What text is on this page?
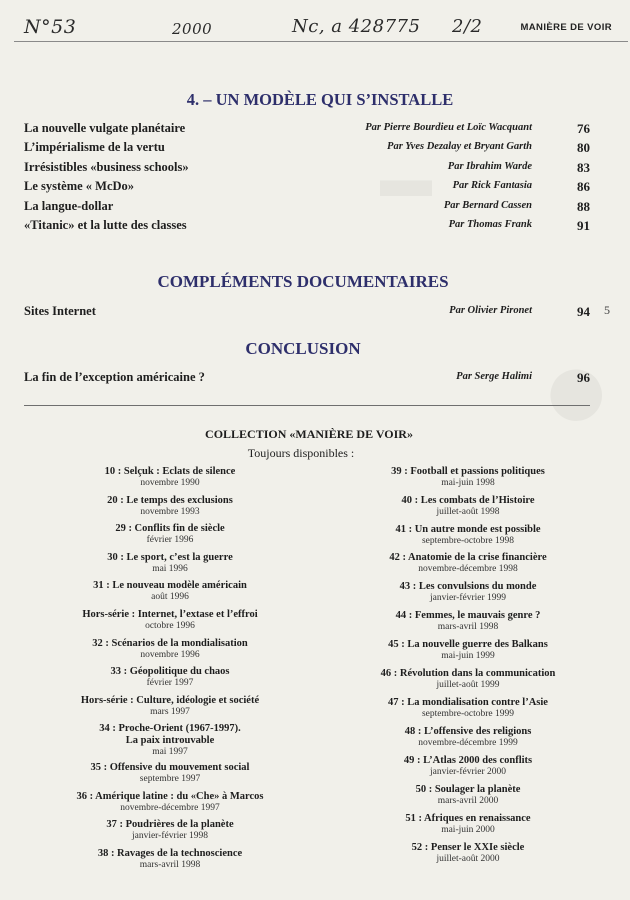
N°53	2000	Nc, a 428775 2/2	MANIÈRE DE VOIR
4. – UN MODÈLE QUI S’INSTALLE
La nouvelle vulgate planétaire	Par Pierre Bourdieu et Loïc Wacquant	76
L’impérialisme de la vertu	Par Yves Dezalay et Bryant Garth	80
Irrésistibles «business schools»	Par Ibrahim Warde	83
Le système « McDo»	Par Rick Fantasia	86
La langue-dollar	Par Bernard Cassen	88
«Titanic» et la lutte des classes	Par Thomas Frank	91
COMPLÉMENTS DOCUMENTAIRES
Sites Internet	Par Olivier Pironet	94 5
CONCLUSION
La fin de l’exception américaine ?	Par Serge Halimi	96
COLLECTION «MANIÈRE DE VOIR»
Toujours disponibles :
10 : Selçuk : Eclats de silence
novembre 1990
20 : Le temps des exclusions
novembre 1993
29 : Conflits fin de siècle
février 1996
30 : Le sport, c’est la guerre
mai 1996
31 : Le nouveau modèle américain
août 1996
Hors-série : Internet, l’extase et l’effroi
octobre 1996
32 : Scénarios de la mondialisation
novembre 1996
33 : Géopolitique du chaos
février 1997
Hors-série : Culture, idéologie et société
mars 1997
34 : Proche-Orient (1967-1997).
La paix introuvable
mai 1997
35 : Offensive du mouvement social
septembre 1997
36 : Amérique latine : du «Che» à Marcos
novembre-décembre 1997
37 : Poudrières de la planète
janvier-février 1998
38 : Ravages de la technoscience
mars-avril 1998
39 : Football et passions politiques
mai-juin 1998
40 : Les combats de l’Histoire
juillet-août 1998
41 : Un autre monde est possible
septembre-octobre 1998
42 : Anatomie de la crise financière
novembre-décembre 1998
43 : Les convulsions du monde
janvier-février 1999
44 : Femmes, le mauvais genre ?
mars-avril 1998
45 : La nouvelle guerre des Balkans
mai-juin 1999
46 : Révolution dans la communication
juillet-août 1999
47 : La mondialisation contre l’Asie
septembre-octobre 1999
48 : L’offensive des religions
novembre-décembre 1999
49 : L’Atlas 2000 des conflits
janvier-février 2000
50 : Soulager la planète
mars-avril 2000
51 : Afriques en renaissance
mai-juin 2000
52 : Penser le XXIe siècle
juillet-août 2000
